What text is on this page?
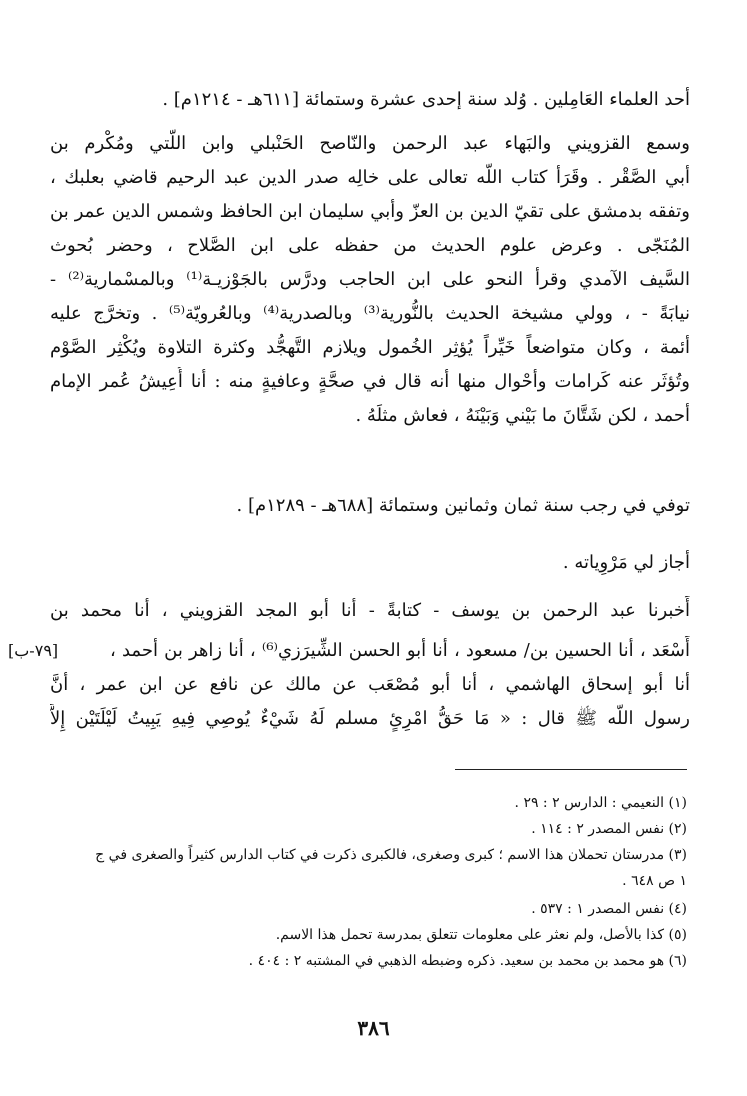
أحد العلماء العَامِلين . وُلد سنة إحدى عشرة وستمائة [٦١١هـ - ١٢١٤م] .
وسمع القزويني والبَهاء عبد الرحمن والنّاصح الحَنْبلي وابن اللّتي ومُكْرم بن
أبي الصَّقْر . وقَرَأ كتاب اللّه تعالى على خالِه صدر الدين عبد الرحيم قاضي بعلبك ،
وتفقه بدمشق على تقيّ الدين بن العزّ وأبي سليمان ابن الحافظ وشمس الدين عمر بن
المُنَجّى . وعرض علوم الحديث من حفظه على ابن الصَّلاح ، وحضر بُحوث
السَّيف الآمدي وقرأ النحو على ابن الحاجب ودرَّس بالجَوْزيـة⁽¹⁾ وبالمسْمارية⁽²⁾ -
نيابَةً - ، وولي مشيخة الحديث بالنُّورية⁽³⁾ وبالصدرية⁽⁴⁾ وبالعُرويّة⁽⁵⁾ . وتخرَّج عليه
أئمة ، وكان متواضعاً خَيِّراً يُؤثِر الخُمول ويلازم التَّهجُّد وكثرة التلاوة ويُكْثِر الصَّوْم
وتُؤثَر عنه كَرامات وأحْوال منها أنه قال في صحَّةٍ وعافيةٍ منه : أنا أُعِيشُ عُمر الإمام
أحمد ، لكن شَتَّانَ ما بَيْني وَبَيْنَهُ ، فعاش مثلَهُ .
توفي في رجب سنة ثمان وثمانين وستمائة [٦٨٨هـ - ١٢٨٩م] .
أجاز لي مَرْوِياته .
أَخبرنا عبد الرحمن بن يوسف - كتابةً - أنا أبو المجد القزويني ، أنا محمد بن
أَسْعَد ، أنا الحسين بن/ مسعود ، أنا أبو الحسن الشِّيرَزي⁽⁶⁾ ، أنا زاهر بن أحمد ،
أنا أبو إسحاق الهاشمي ، أنا أبو مُصْعَب عن مالك عن نافع عن ابن عمر ، أنَّ
رسول اللّه ﷺ قال : « مَا حَقُّ امْرِئٍ مسلم لَهُ شَيْءٌ يُوصِي فِيهِ يَبِيتُ لَيْلَتَيْن إِلاَّ
[٧٩-ب]
(١) النعيمي : الدارس ٢ : ٢٩ .
(٢) نفس المصدر ٢ : ١١٤ .
(٣) مدرستان تحملان هذا الاسم ؛ كبرى وصغرى، فالكبرى ذكرت في كتاب الدارس كثيراً والصغرى في ج
١ ص ٦٤٨ .
(٤) نفس المصدر ١ : ٥٣٧ .
(٥) كذا بالأصل، ولم نعثر على معلومات تتعلق بمدرسة تحمل هذا الاسم.
(٦) هو محمد بن محمد بن سعيد. ذكره وضبطه الذهبي في المشتبه ٢ : ٤٠٤ .
٣٨٦
